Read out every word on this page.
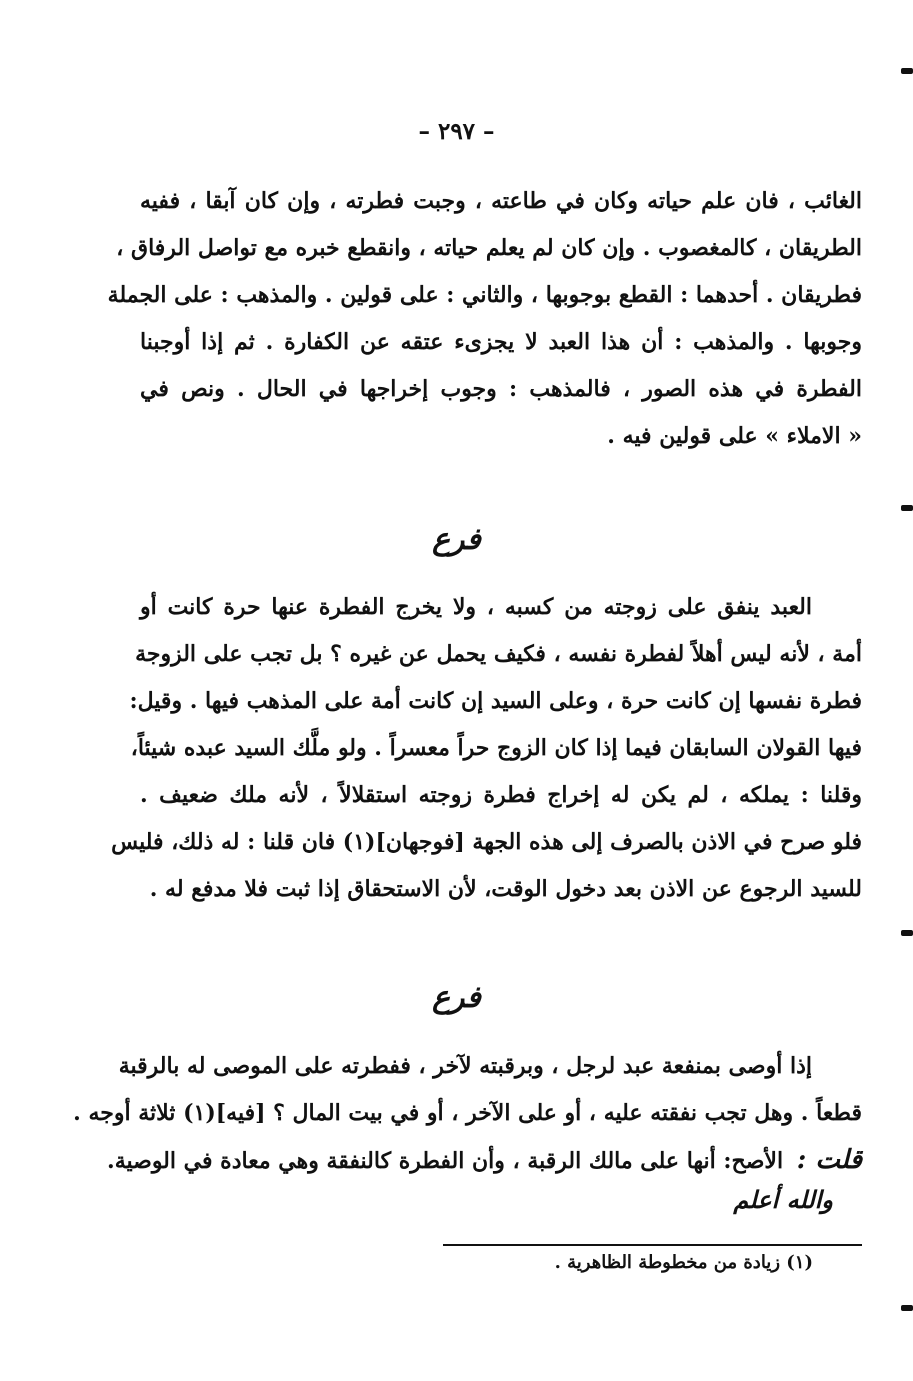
– ٢٩٧ –
الغائب ، فان علم حياته وكان في طاعته ، وجبت فطرته ، وإن كان آبقا ، ففيه
الطريقان ، كالمغصوب . وإن كان لم يعلم حياته ، وانقطع خبره مع تواصل الرفاق ،
فطريقان . أحدهما : القطع بوجوبها ، والثاني : على قولين . والمذهب : على الجملة
وجوبها . والمذهب : أن هذا العبد لا يجزىء عتقه عن الكفارة . ثم إذا أوجبنا
الفطرة في هذه الصور ، فالمذهب : وجوب إخراجها في الحال . ونص في
« الاملاء » على قولين فيه .
فرع
العبد ينفق على زوجته من كسبه ، ولا يخرج الفطرة عنها حرة كانت أو
أمة ، لأنه ليس أهلاً لفطرة نفسه ، فكيف يحمل عن غيره ؟ بل تجب على الزوجة
فطرة نفسها إن كانت حرة ، وعلى السيد إن كانت أمة على المذهب فيها . وقيل:
فيها القولان السابقان فيما إذا كان الزوج حراً معسراً . ولو ملَّك السيد عبده شيئاً،
وقلنا : يملكه ، لم يكن له إخراج فطرة زوجته استقلالاً ، لأنه ملك ضعيف .
فلو صرح في الاذن بالصرف إلى هذه الجهة [فوجهان](١) فان قلنا : له ذلك، فليس
للسيد الرجوع عن الاذن بعد دخول الوقت، لأن الاستحقاق إذا ثبت فلا مدفع له .
فرع
إذا أوصى بمنفعة عبد لرجل ، وبرقبته لآخر ، ففطرته على الموصى له بالرقبة
قطعاً . وهل تجب نفقته عليه ، أو على الآخر ، أو في بيت المال ؟ [فيه](١) ثلاثة أوجه .
قلت : الأصح: أنها على مالك الرقبة ، وأن الفطرة كالنفقة وهي معادة في الوصية.
والله أعلم
(١) زيادة من مخطوطة الظاهرية .
